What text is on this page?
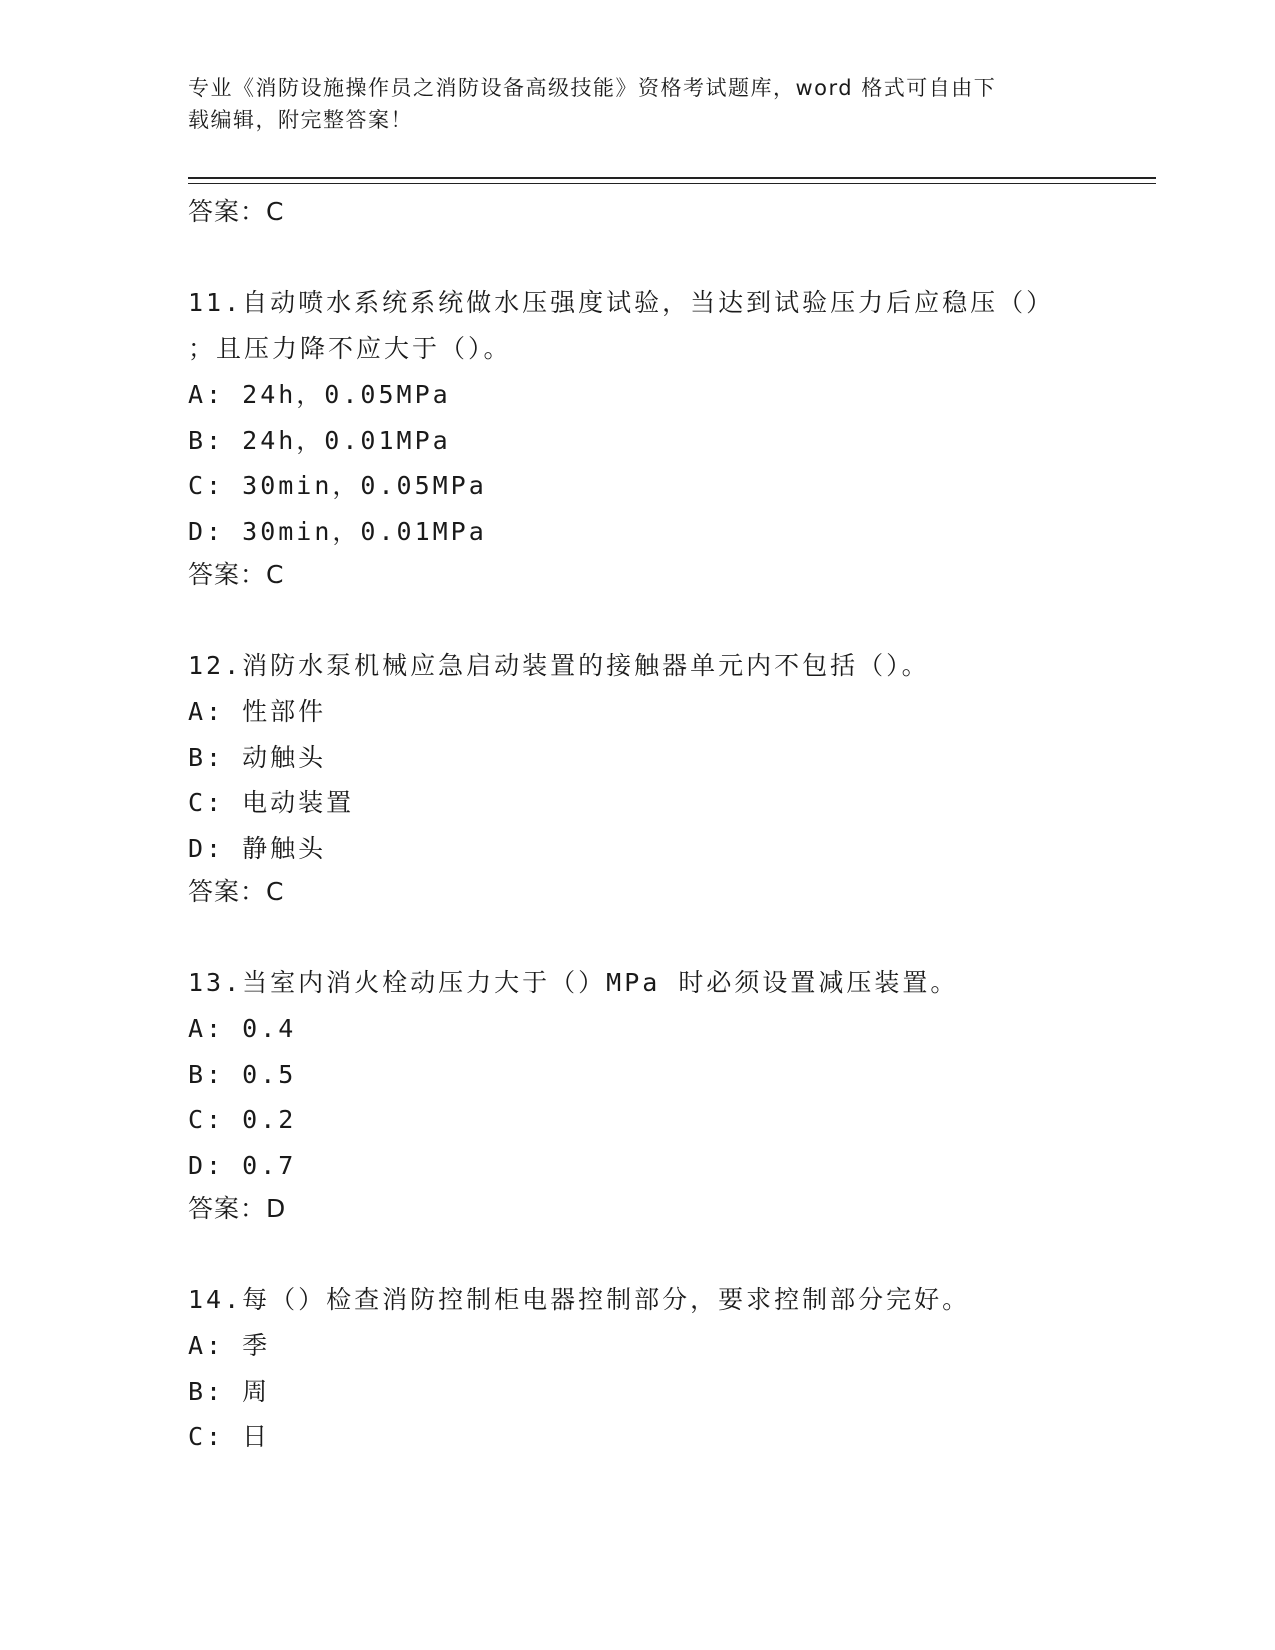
专业《消防设施操作员之消防设备高级技能》资格考试题库，word 格式可自由下
载编辑，附完整答案！
答案：C
11.自动喷水系统系统做水压强度试验，当达到试验压力后应稳压（）
；且压力降不应大于（）。
A: 24h，0.05MPa
B: 24h，0.01MPa
C: 30min，0.05MPa
D: 30min，0.01MPa
答案：C
12.消防水泵机械应急启动装置的接触器单元内不包括（）。
A: 性部件
B: 动触头
C: 电动装置
D: 静触头
答案：C
13.当室内消火栓动压力大于（）MPa 时必须设置减压装置。
A: 0.4
B: 0.5
C: 0.2
D: 0.7
答案：D
14.每（）检查消防控制柜电器控制部分，要求控制部分完好。
A: 季
B: 周
C: 日
